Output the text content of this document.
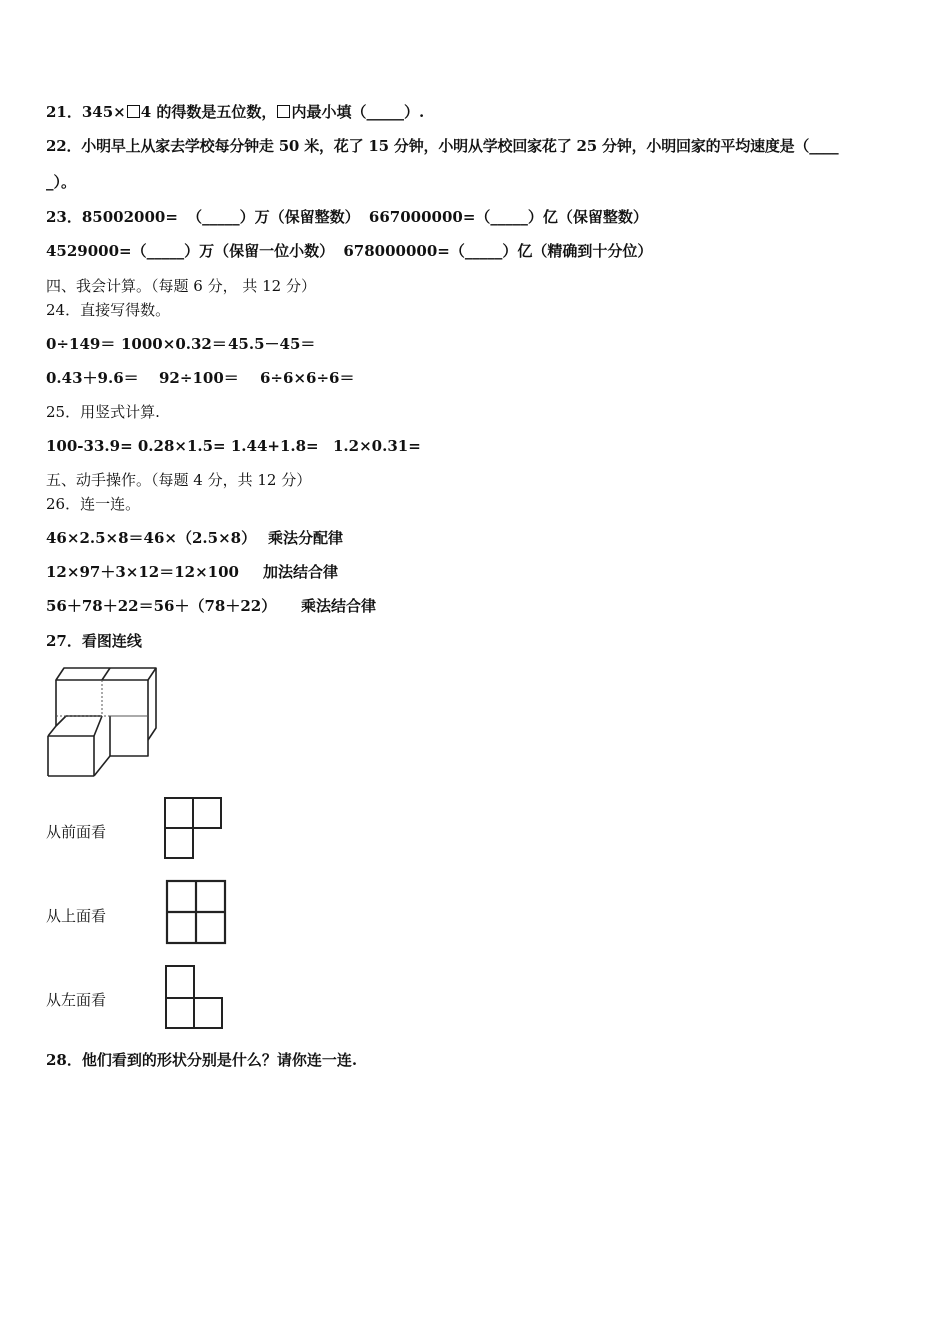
21．345× 4 的得数是五位数， 内最小填（_____）.
22．小明早上从家去学校每分钟走 50 米，花了 15 分钟，小明从学校回家花了 25 分钟，小明回家的平均速度是（____
_）。
23．85002000= （_____）万（保留整数） 667000000=（_____）亿（保留整数）
4529000=（_____）万（保留一位小数） 678000000=（_____）亿（精确到十分位）
四、我会计算。（每题 6 分， 共 12 分）
24．直接写得数。
0÷149＝ 1000×0.32＝ 45.5－45＝
0.43＋9.6＝ 92÷100＝ 6÷6×6÷6＝
25．用竖式计算.
100-33.9= 0.28×1.5= 1.44+1.8= 1.2×0.31=
五、动手操作。（每题 4 分，共 12 分）
26．连一连。
46×2.5×8＝46×（2.5×8） 乘法分配律
12×97＋3×12＝12×100 加法结合律
56＋78＋22＝56＋（78＋22） 乘法结合律
27．看图连线
从前面看
从上面看
从左面看
28．他们看到的形状分别是什么？请你连一连.
